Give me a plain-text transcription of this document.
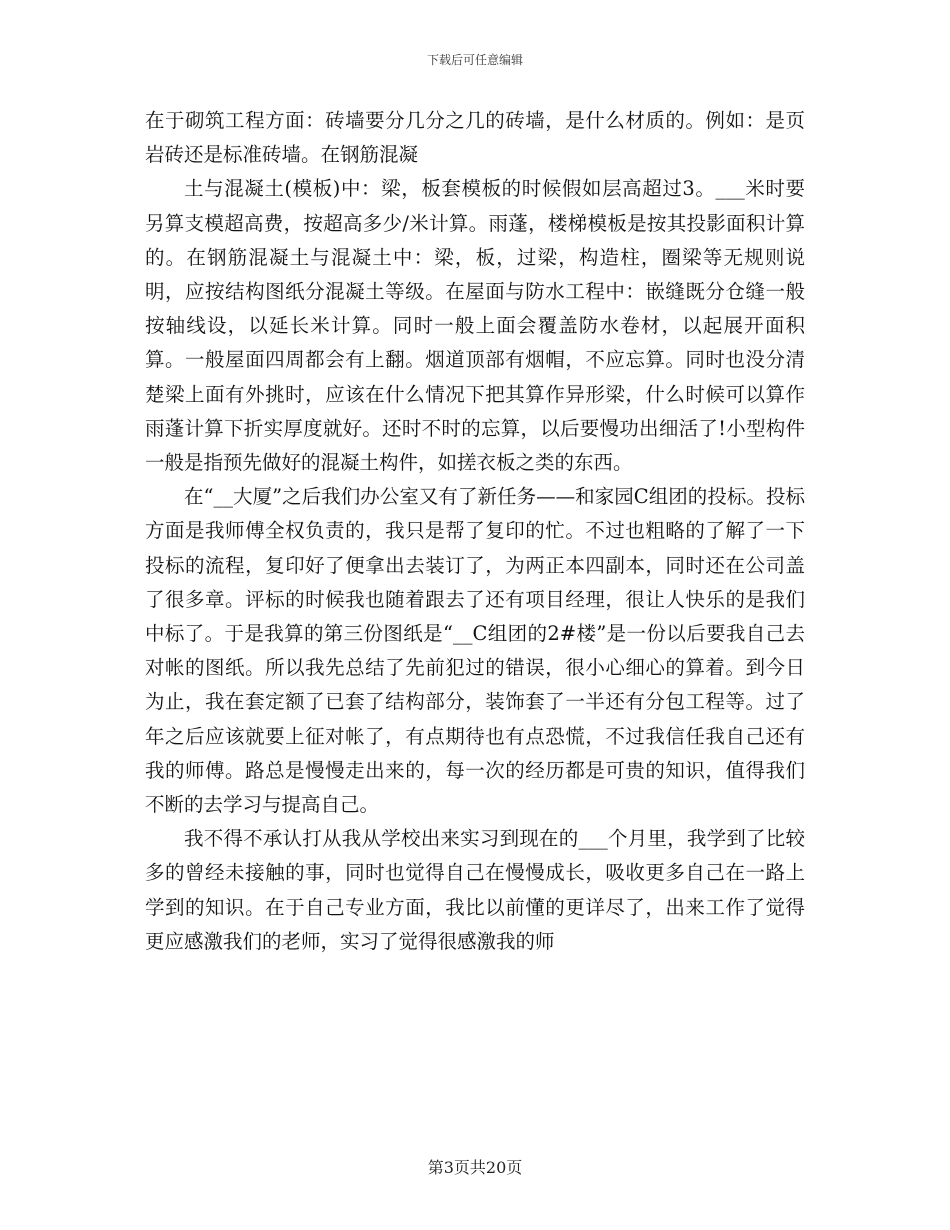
下载后可任意编辑

在于砌筑工程方面：砖墙要分几分之几的砖墙，是什么材质的。例如：是页岩砖还是标准砖墙。在钢筋混凝

土与混凝土(模板)中：梁，板套模板的时候假如层高超过3。___米时要另算支模超高费，按超高多少/米计算。雨蓬，楼梯模板是按其投影面积计算的。在钢筋混凝土与混凝土中：梁，板，过梁，构造柱，圈梁等无规则说明，应按结构图纸分混凝土等级。在屋面与防水工程中：嵌缝既分仓缝一般按轴线设，以延长米计算。同时一般上面会覆盖防水卷材，以起展开面积算。一般屋面四周都会有上翻。烟道顶部有烟帽，不应忘算。同时也没分清楚梁上面有外挑时，应该在什么情况下把其算作异形梁，什么时候可以算作雨蓬计算下折实厚度就好。还时不时的忘算，以后要慢功出细活了!小型构件一般是指预先做好的混凝土构件，如搓衣板之类的东西。

在“__大厦”之后我们办公室又有了新任务——和家园C组团的投标。投标方面是我师傅全权负责的，我只是帮了复印的忙。不过也粗略的了解了一下投标的流程，复印好了便拿出去装订了，为两正本四副本，同时还在公司盖了很多章。评标的时候我也随着跟去了还有项目经理，很让人快乐的是我们中标了。于是我算的第三份图纸是“__C组团的2#楼”是一份以后要我自己去对帐的图纸。所以我先总结了先前犯过的错误，很小心细心的算着。到今日为止，我在套定额了已套了结构部分，装饰套了一半还有分包工程等。过了年之后应该就要上征对帐了，有点期待也有点恐慌，不过我信任我自己还有我的师傅。路总是慢慢走出来的，每一次的经历都是可贵的知识，值得我们不断的去学习与提高自己。

我不得不承认打从我从学校出来实习到现在的___个月里，我学到了比较多的曾经未接触的事，同时也觉得自己在慢慢成长，吸收更多自己在一路上学到的知识。在于自己专业方面，我比以前懂的更详尽了，出来工作了觉得更应感激我们的老师，实习了觉得很感激我的师

第3页共20页
